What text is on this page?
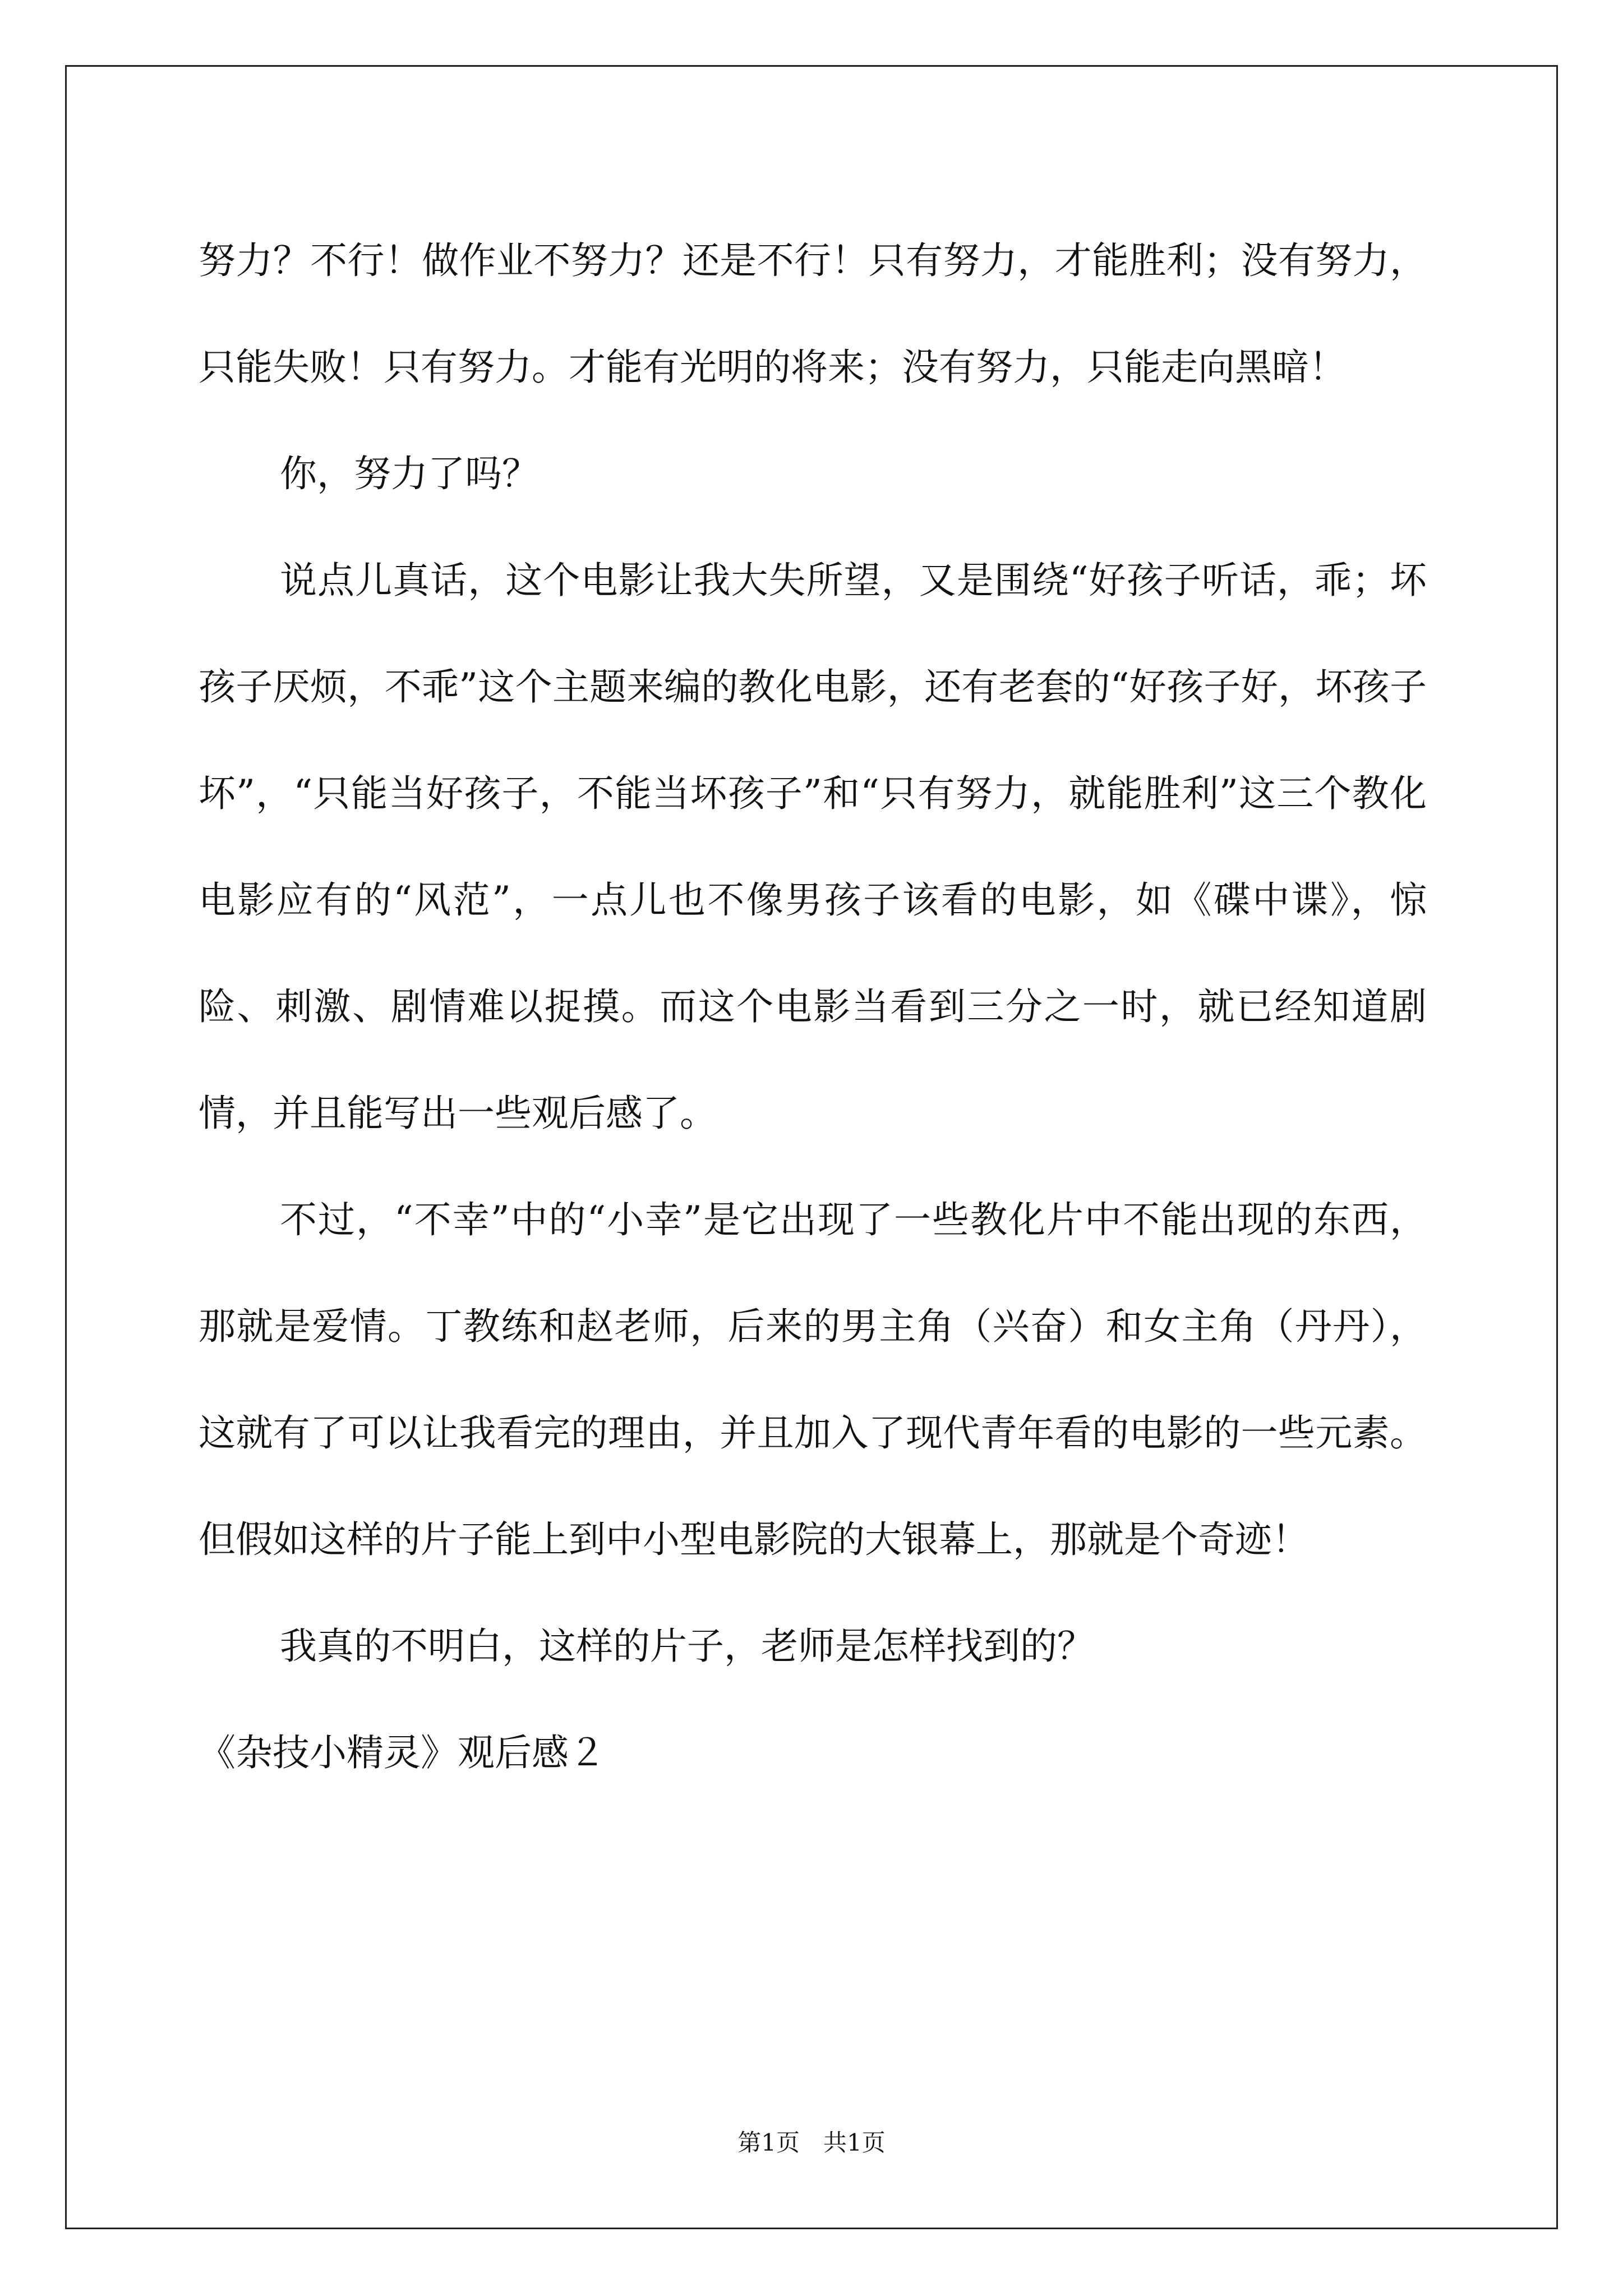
努力？不行！做作业不努力？还是不行！只有努力，才能胜利；没有努力，只能失败！只有努力。才能有光明的将来；没有努力，只能走向黑暗！

你，努力了吗？

说点儿真话，这个电影让我大失所望，又是围绕“好孩子听话，乖；坏孩子厌烦，不乖”这个主题来编的教化电影，还有老套的“好孩子好，坏孩子坏”，“只能当好孩子，不能当坏孩子”和“只有努力，就能胜利”这三个教化电影应有的“风范”，一点儿也不像男孩子该看的电影，如《碟中谍》，惊险、刺激、剧情难以捉摸。而这个电影当看到三分之一时，就已经知道剧情，并且能写出一些观后感了。

不过，“不幸”中的“小幸”是它出现了一些教化片中不能出现的东西，那就是爱情。丁教练和赵老师，后来的男主角（兴奋）和女主角（丹丹），这就有了可以让我看完的理由，并且加入了现代青年看的电影的一些元素。但假如这样的片子能上到中小型电影院的大银幕上，那就是个奇迹！

我真的不明白，这样的片子，老师是怎样找到的？

《杂技小精灵》观后感２

第1页　共1页
